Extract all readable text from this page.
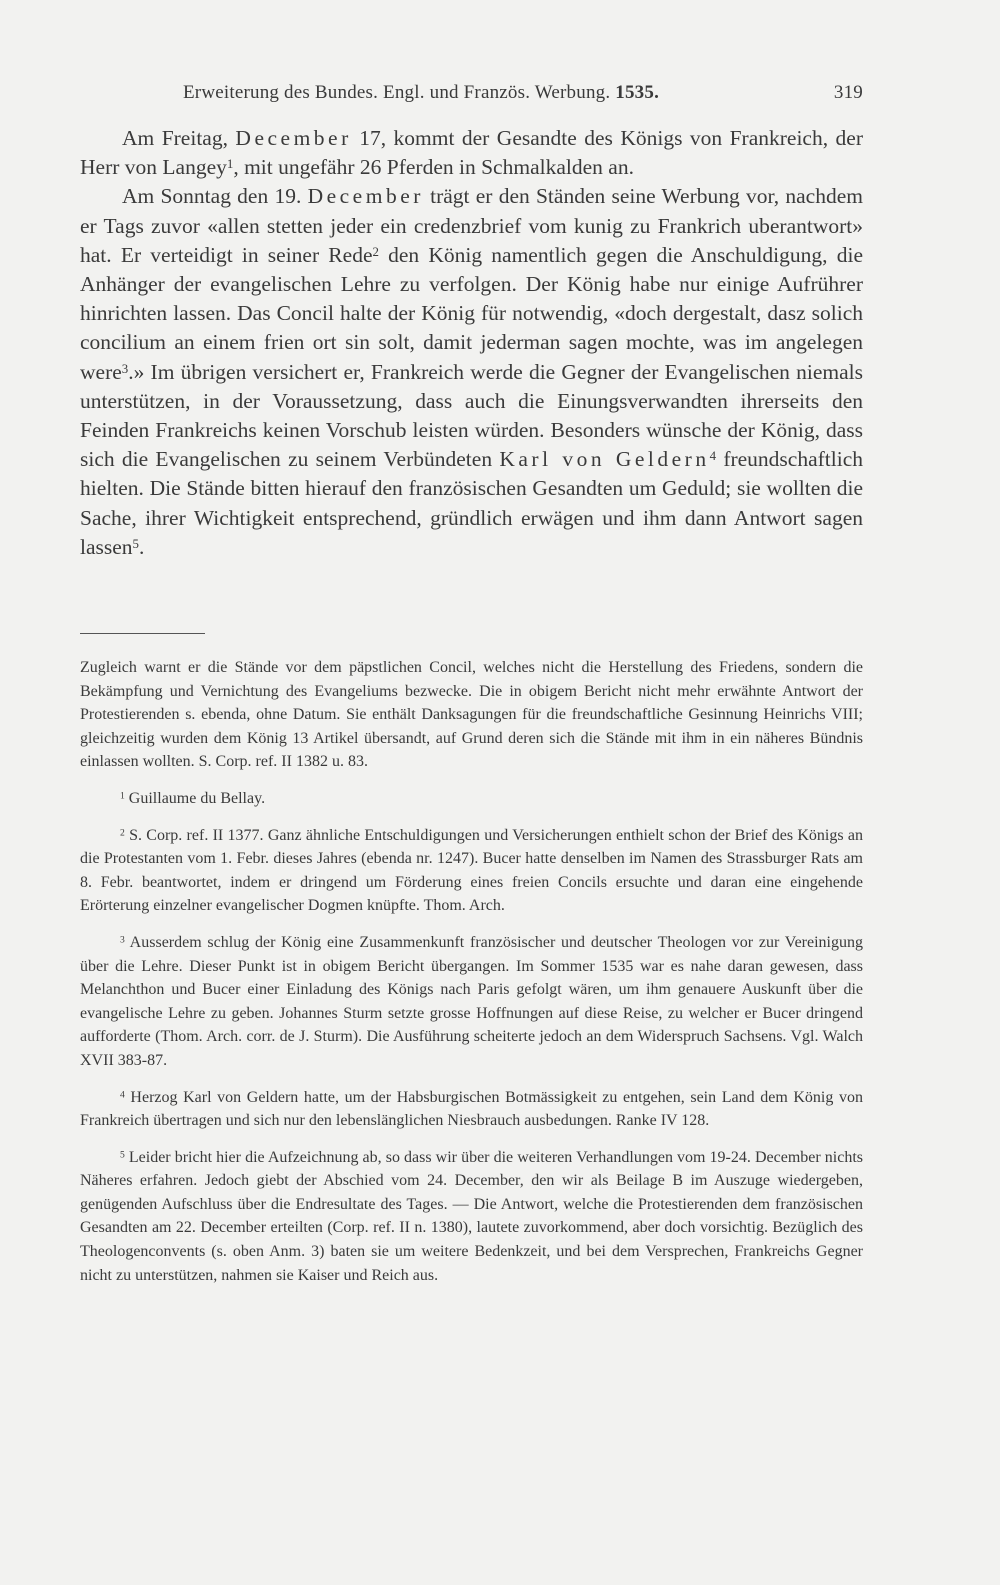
Erweiterung des Bundes. Engl. und Französ. Werbung. 1535.	319

Am Freitag, December 17, kommt der Gesandte des Königs von Frankreich, der Herr von Langey$^1$, mit ungefähr 26 Pferden in Schmalkalden an.

Am Sonntag den 19. December trägt er den Ständen seine Werbung vor, nachdem er Tags zuvor «allen stetten jeder ein credenzbrief vom kunig zu Frankrich uberantwort» hat. Er verteidigt in seiner Rede$^2$ den König namentlich gegen die Anschuldigung, die Anhänger der evangelischen Lehre zu verfolgen. Der König habe nur einige Aufrührer hinrichten lassen. Das Concil halte der König für notwendig, «doch dergestalt, dasz solich concilium an einem frien ort sin solt, damit jederman sagen mochte, was im angelegen were$^3$.» Im übrigen versichert er, Frankreich werde die Gegner der Evangelischen niemals unterstützen, in der Voraussetzung, dass auch die Einungsverwandten ihrerseits den Feinden Frankreichs keinen Vorschub leisten würden. Besonders wünsche der König, dass sich die Evangelischen zu seinem Verbündeten Karl von Geldern$^4$ freundschaftlich hielten. Die Stände bitten hierauf den französischen Gesandten um Geduld; sie wollten die Sache, ihrer Wichtigkeit entsprechend, gründlich erwägen und ihm dann Antwort sagen lassen$^5$.

Zugleich warnt er die Stände vor dem päpstlichen Concil, welches nicht die Herstellung des Friedens, sondern die Bekämpfung und Vernichtung des Evangeliums bezwecke. Die in obigem Bericht nicht mehr erwähnte Antwort der Protestierenden s. ebenda, ohne Datum. Sie enthält Danksagungen für die freundschaftliche Gesinnung Heinrichs VIII; gleichzeitig wurden dem König 13 Artikel übersandt, auf Grund deren sich die Stände mit ihm in ein näheres Bündnis einlassen wollten. S. Corp. ref. II 1382 u. 83.

$^1$ Guillaume du Bellay.

$^2$ S. Corp. ref. II 1377. Ganz ähnliche Entschuldigungen und Versicherungen enthielt schon der Brief des Königs an die Protestanten vom 1. Febr. dieses Jahres (ebenda nr. 1247). Bucer hatte denselben im Namen des Strassburger Rats am 8. Febr. beantwortet, indem er dringend um Förderung eines freien Concils ersuchte und daran eine eingehende Erörterung einzelner evangelischer Dogmen knüpfte. Thom. Arch.

$^3$ Ausserdem schlug der König eine Zusammenkunft französischer und deutscher Theologen vor zur Vereinigung über die Lehre. Dieser Punkt ist in obigem Bericht übergangen. Im Sommer 1535 war es nahe daran gewesen, dass Melanchthon und Bucer einer Einladung des Königs nach Paris gefolgt wären, um ihm genauere Auskunft über die evangelische Lehre zu geben. Johannes Sturm setzte grosse Hoffnungen auf diese Reise, zu welcher er Bucer dringend aufforderte (Thom. Arch. corr. de J. Sturm). Die Ausführung scheiterte jedoch an dem Widerspruch Sachsens. Vgl. Walch XVII 383-87.

$^4$ Herzog Karl von Geldern hatte, um der Habsburgischen Botmässigkeit zu entgehen, sein Land dem König von Frankreich übertragen und sich nur den lebenslänglichen Niesbrauch ausbedungen. Ranke IV 128.

$^5$ Leider bricht hier die Aufzeichnung ab, so dass wir über die weiteren Verhandlungen vom 19-24. December nichts Näheres erfahren. Jedoch giebt der Abschied vom 24. December, den wir als Beilage B im Auszuge wiedergeben, genügenden Aufschluss über die Endresultate des Tages. — Die Antwort, welche die Protestierenden dem französischen Gesandten am 22. December erteilten (Corp. ref. II n. 1380), lautete zuvorkommend, aber doch vorsichtig. Bezüglich des Theologenconvents (s. oben Anm. 3) baten sie um weitere Bedenkzeit, und bei dem Versprechen, Frankreichs Gegner nicht zu unterstützen, nahmen sie Kaiser und Reich aus.
